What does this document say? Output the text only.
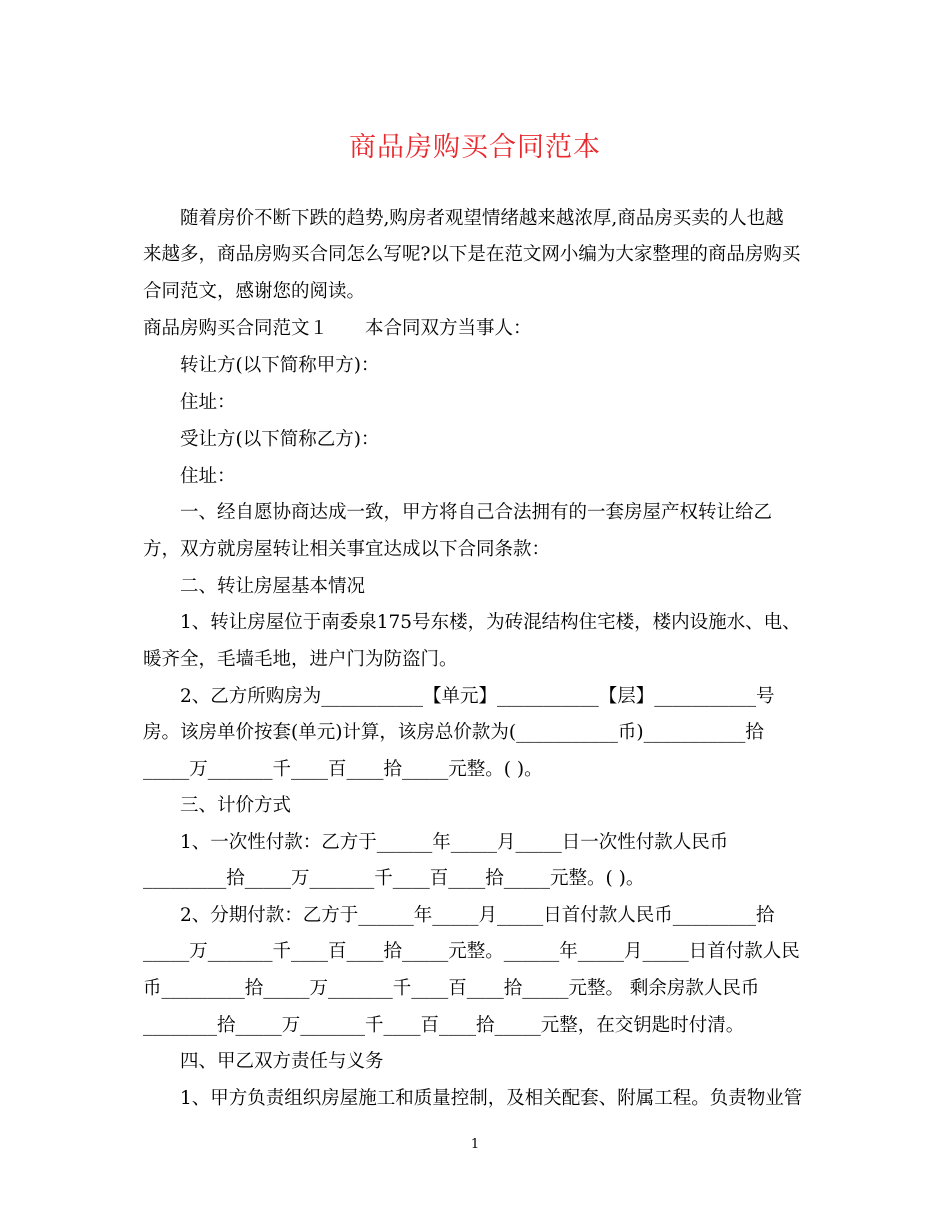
商品房购买合同范本
随着房价不断下跌的趋势,购房者观望情绪越来越浓厚,商品房买卖的人也越
来越多，商品房购买合同怎么写呢?以下是在范文网小编为大家整理的商品房购买
合同范文，感谢您的阅读。
商品房购买合同范文１　　本合同双方当事人：
转让方(以下简称甲方)：
住址：
受让方(以下简称乙方)：
住址：
一、经自愿协商达成一致，甲方将自己合法拥有的一套房屋产权转让给乙
方，双方就房屋转让相关事宜达成以下合同条款：
二、转让房屋基本情况
1、转让房屋位于南委泉175号东楼，为砖混结构住宅楼，楼内设施水、电、
暖齐全，毛墙毛地，进户门为防盗门。
2、乙方所购房为___________【单元】___________【层】___________号
房。该房单价按套(单元)计算，该房总价款为(___________币)___________拾
_____万_______千____百____拾_____元整。( )。
三、计价方式
1、一次性付款：乙方于______年_____月_____日一次性付款人民币
_________拾_____万_______千____百____拾_____元整。( )。
2、分期付款：乙方于______年_____月_____日首付款人民币_________拾
_____万_______千____百____拾_____元整。______年_____月_____日首付款人民
币_________拾_____万_______千____百____拾_____元整。 剩余房款人民币
________拾_____万_______千____百____拾_____元整，在交钥匙时付清。
四、甲乙双方责任与义务
1、甲方负责组织房屋施工和质量控制，及相关配套、附属工程。负责物业管
1
